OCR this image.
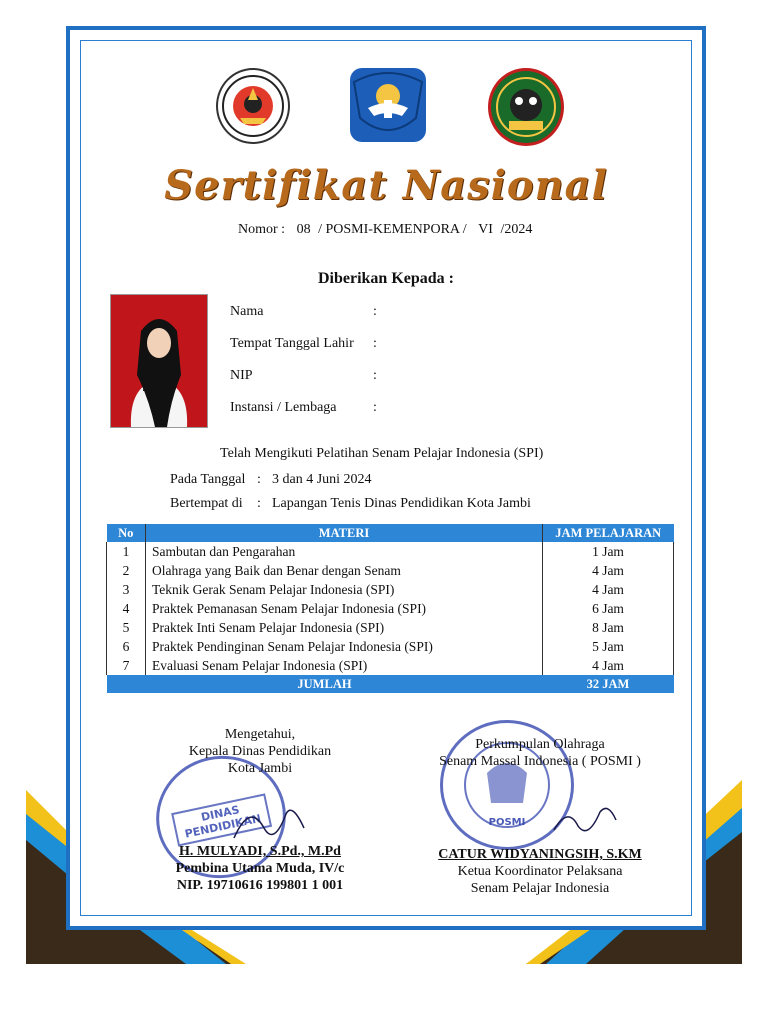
Sertifikat Nasional
Nomor : 08 / POSMI-KEMENPORA / VI /2024
Diberikan Kepada :
Nama	:
Tempat Tanggal Lahir :
NIP	:
Instansi / Lembaga	:
Telah Mengikuti Pelatihan Senam Pelajar Indonesia (SPI)
Pada Tanggal : 3 dan 4 Juni 2024
Bertempat di : Lapangan Tenis Dinas Pendidikan Kota Jambi
No	MATERI	JAM PELAJARAN
1	Sambutan dan Pengarahan	1 Jam
2	Olahraga yang Baik dan Benar dengan Senam	4 Jam
3	Teknik Gerak Senam Pelajar Indonesia (SPI)	4 Jam
4	Praktek Pemanasan Senam Pelajar Indonesia (SPI)	6 Jam
5	Praktek Inti Senam Pelajar Indonesia (SPI)	8 Jam
6	Praktek Pendinginan Senam Pelajar Indonesia (SPI)	5 Jam
7	Evaluasi Senam Pelajar Indonesia (SPI)	4 Jam
JUMLAH		32 JAM
DINAS PENDIDIKAN	POSMI
Mengetahui,
Kepala Dinas Pendidikan
Kota Jambi
H. MULYADI, S.Pd., M.Pd
Pembina Utama Muda, IV/c
NIP. 19710616 199801 1 001
Perkumpulan Olahraga
Senam Massal Indonesia ( POSMI )
CATUR WIDYANINGSIH, S.KM
Ketua Koordinator Pelaksana
Senam Pelajar Indonesia
